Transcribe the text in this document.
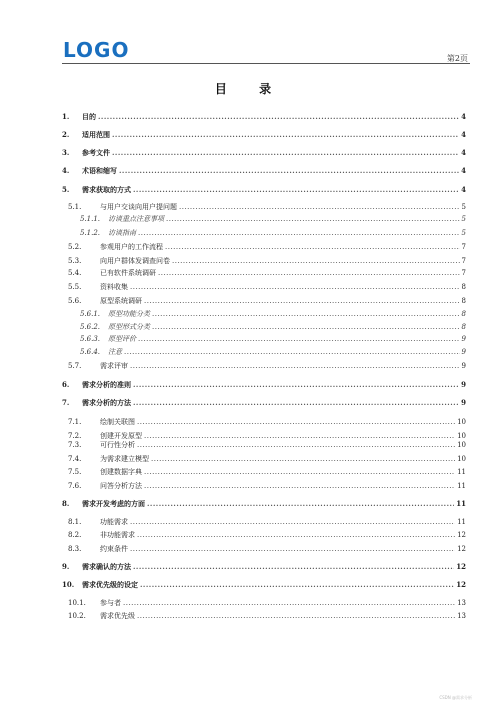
LOGO	第2页
目 录
1.	目的 .....	4
2.	适用范围 .....	4
3.	参考文件 .....	4
4.	术语和缩写 .....	4
5.	需求获取的方式 .....	4
5.1.	与用户交谈向用户提问题 .....	5
5.1.1.	访谈重点注意事项 .....	5
5.1.2.	访谈指南 .....	5
5.2.	参观用户的工作流程 .....	7
5.3.	向用户群体发调查问卷 .....	7
5.4.	已有软件系统调研 .....	7
5.5.	资料收集 .....	8
5.6.	原型系统调研 .....	8
5.6.1.	原型功能分类 .....	8
5.6.2.	原型形式分类 .....	8
5.6.3.	原型评价 .....	9
5.6.4.	注意 .....	9
5.7.	需求评审 .....	9
6.	需求分析的准则 .....	9
7.	需求分析的方法 .....	9
7.1.	绘制关联图 .....	10
7.2.	创建开发原型 .....	10
7.3.	可行性分析 .....	10
7.4.	为需求建立模型 .....	10
7.5.	创建数据字典 .....	11
7.6.	问答分析方法 .....	11
8.	需求开发考虑的方面 .....	11
8.1.	功能需求 .....	11
8.2.	非功能需求 .....	12
8.3.	约束条件 .....	12
9.	需求确认的方法 .....	12
10.	需求优先级的设定 .....	12
10.1.	参与者 .....	13
10.2.	需求优先级 .....	13
CSDN @需求分析
